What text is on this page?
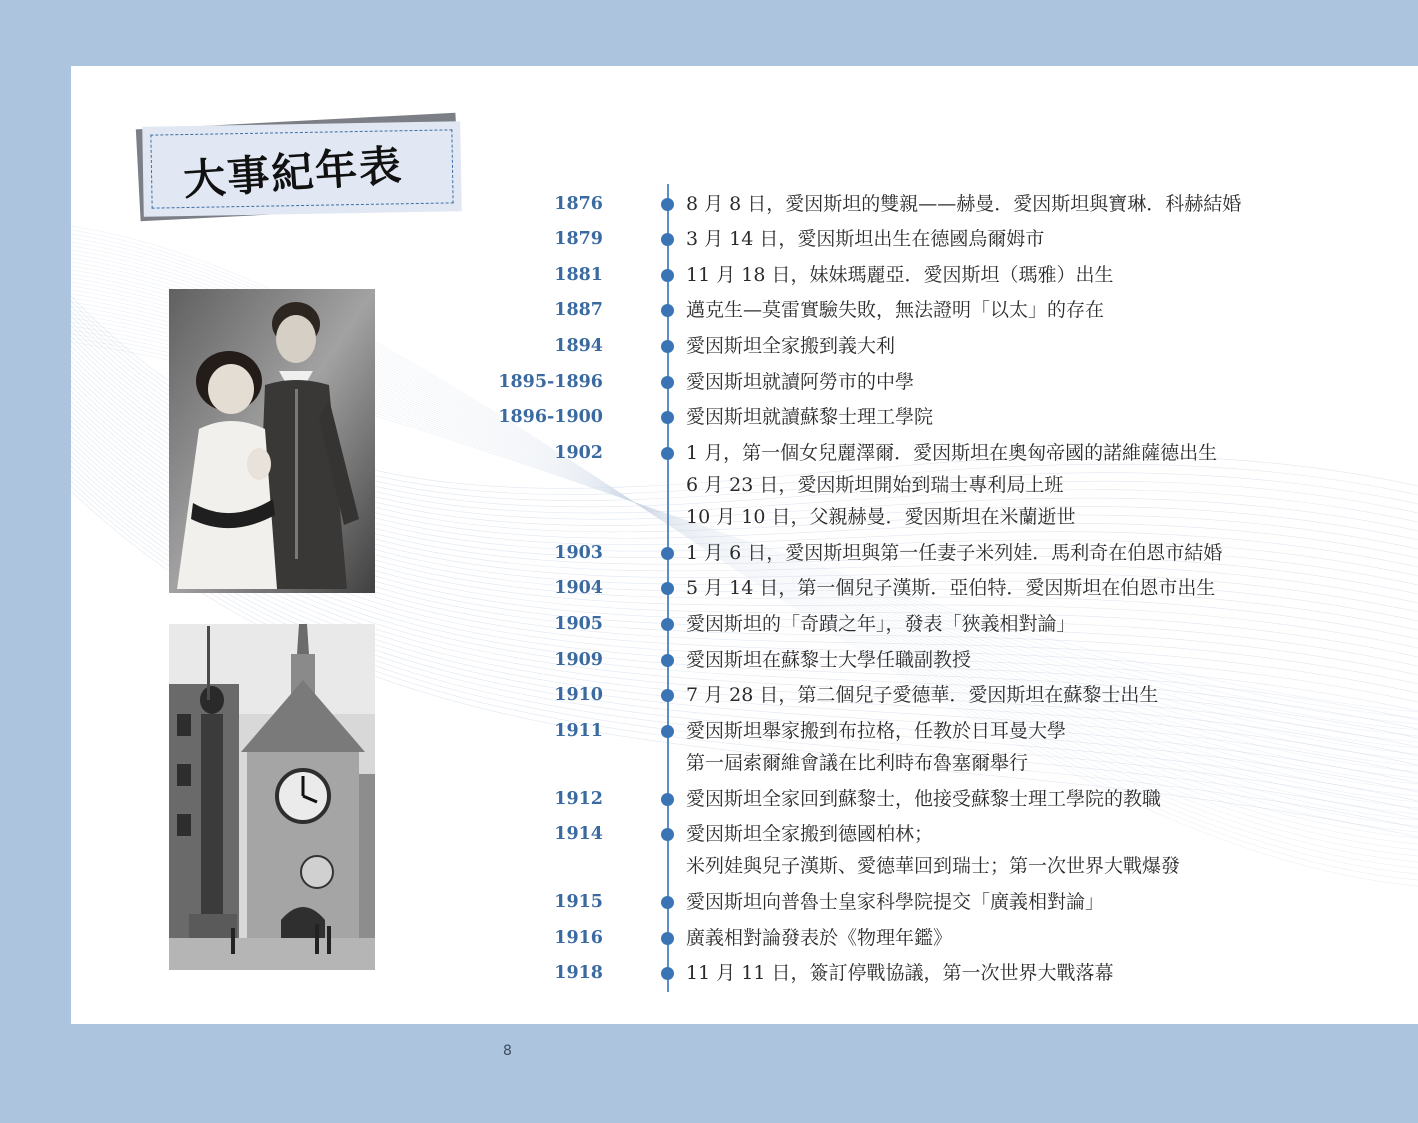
大事紀年表	1876	8 月 8 日，愛因斯坦的雙親——赫曼．愛因斯坦與寶琳．科赫結婚
1879	3 月 14 日，愛因斯坦出生在德國烏爾姆市
1881	11 月 18 日，妹妹瑪麗亞．愛因斯坦（瑪雅）出生
1887	邁克生—莫雷實驗失敗，無法證明「以太」的存在
1894	愛因斯坦全家搬到義大利
1895-1896	愛因斯坦就讀阿勞市的中學
1896-1900	愛因斯坦就讀蘇黎士理工學院
1902	1 月，第一個女兒麗澤爾．愛因斯坦在奧匈帝國的諾維薩德出生
6 月 23 日，愛因斯坦開始到瑞士專利局上班
10 月 10 日，父親赫曼．愛因斯坦在米蘭逝世
1903	1 月 6 日，愛因斯坦與第一任妻子米列娃．馬利奇在伯恩市結婚
1904	5 月 14 日，第一個兒子漢斯．亞伯特．愛因斯坦在伯恩市出生
1905	愛因斯坦的「奇蹟之年」，發表「狹義相對論」
1909	愛因斯坦在蘇黎士大學任職副教授
1910	7 月 28 日，第二個兒子愛德華．愛因斯坦在蘇黎士出生
1911	愛因斯坦舉家搬到布拉格，任教於日耳曼大學
第一屆索爾維會議在比利時布魯塞爾舉行
1912	愛因斯坦全家回到蘇黎士，他接受蘇黎士理工學院的教職
1914	愛因斯坦全家搬到德國柏林；
米列娃與兒子漢斯、愛德華回到瑞士；第一次世界大戰爆發
1915	愛因斯坦向普魯士皇家科學院提交「廣義相對論」
1916	廣義相對論發表於《物理年鑑》
1918	11 月 11 日，簽訂停戰協議，第一次世界大戰落幕
8
